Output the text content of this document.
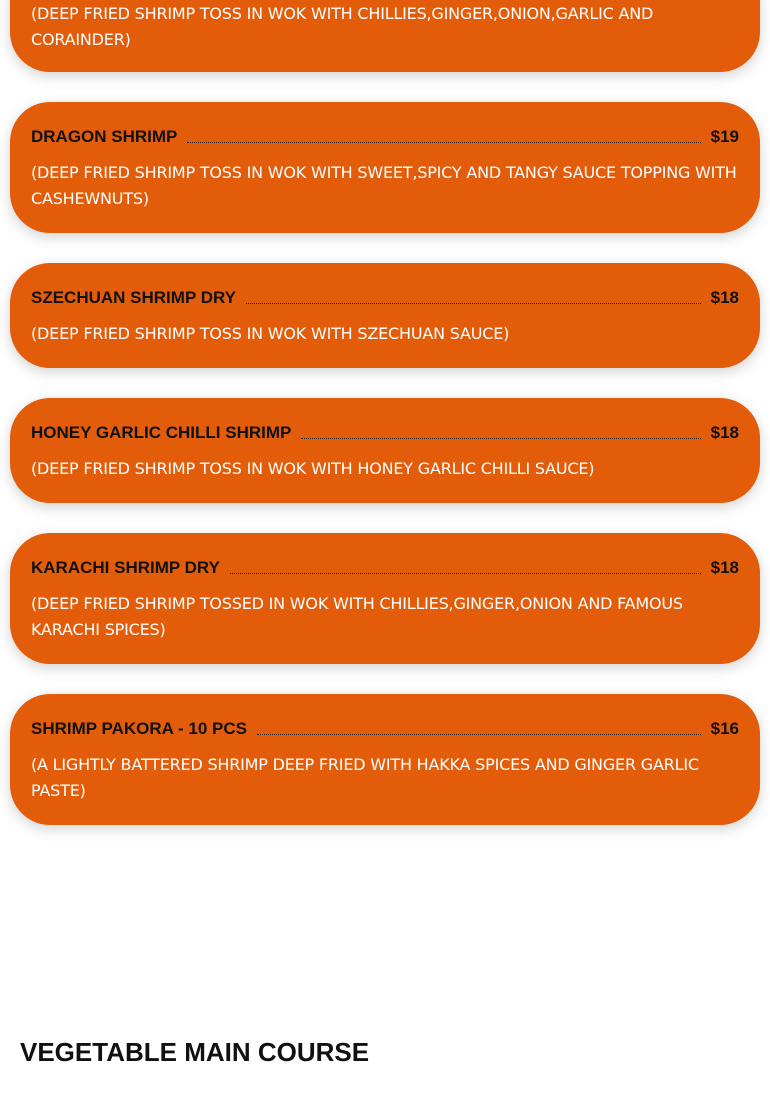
(DEEP FRIED SHRIMP TOSS IN WOK WITH CHILLIES,GINGER,ONION,GARLIC AND CORAINDER)
DRAGON SHRIMP	$19
(DEEP FRIED SHRIMP TOSS IN WOK WITH SWEET,SPICY AND TANGY SAUCE TOPPING WITH CASHEWNUTS)
SZECHUAN SHRIMP DRY	$18
(DEEP FRIED SHRIMP TOSS IN WOK WITH SZECHUAN SAUCE)
HONEY GARLIC CHILLI SHRIMP	$18
(DEEP FRIED SHRIMP TOSS IN WOK WITH HONEY GARLIC CHILLI SAUCE)
KARACHI SHRIMP DRY	$18
(DEEP FRIED SHRIMP TOSSED IN WOK WITH CHILLIES,GINGER,ONION AND FAMOUS KARACHI SPICES)
SHRIMP PAKORA - 10 PCS	$16
(A LIGHTLY BATTERED SHRIMP DEEP FRIED WITH HAKKA SPICES AND GINGER GARLIC PASTE)
VEGETABLE MAIN COURSE
